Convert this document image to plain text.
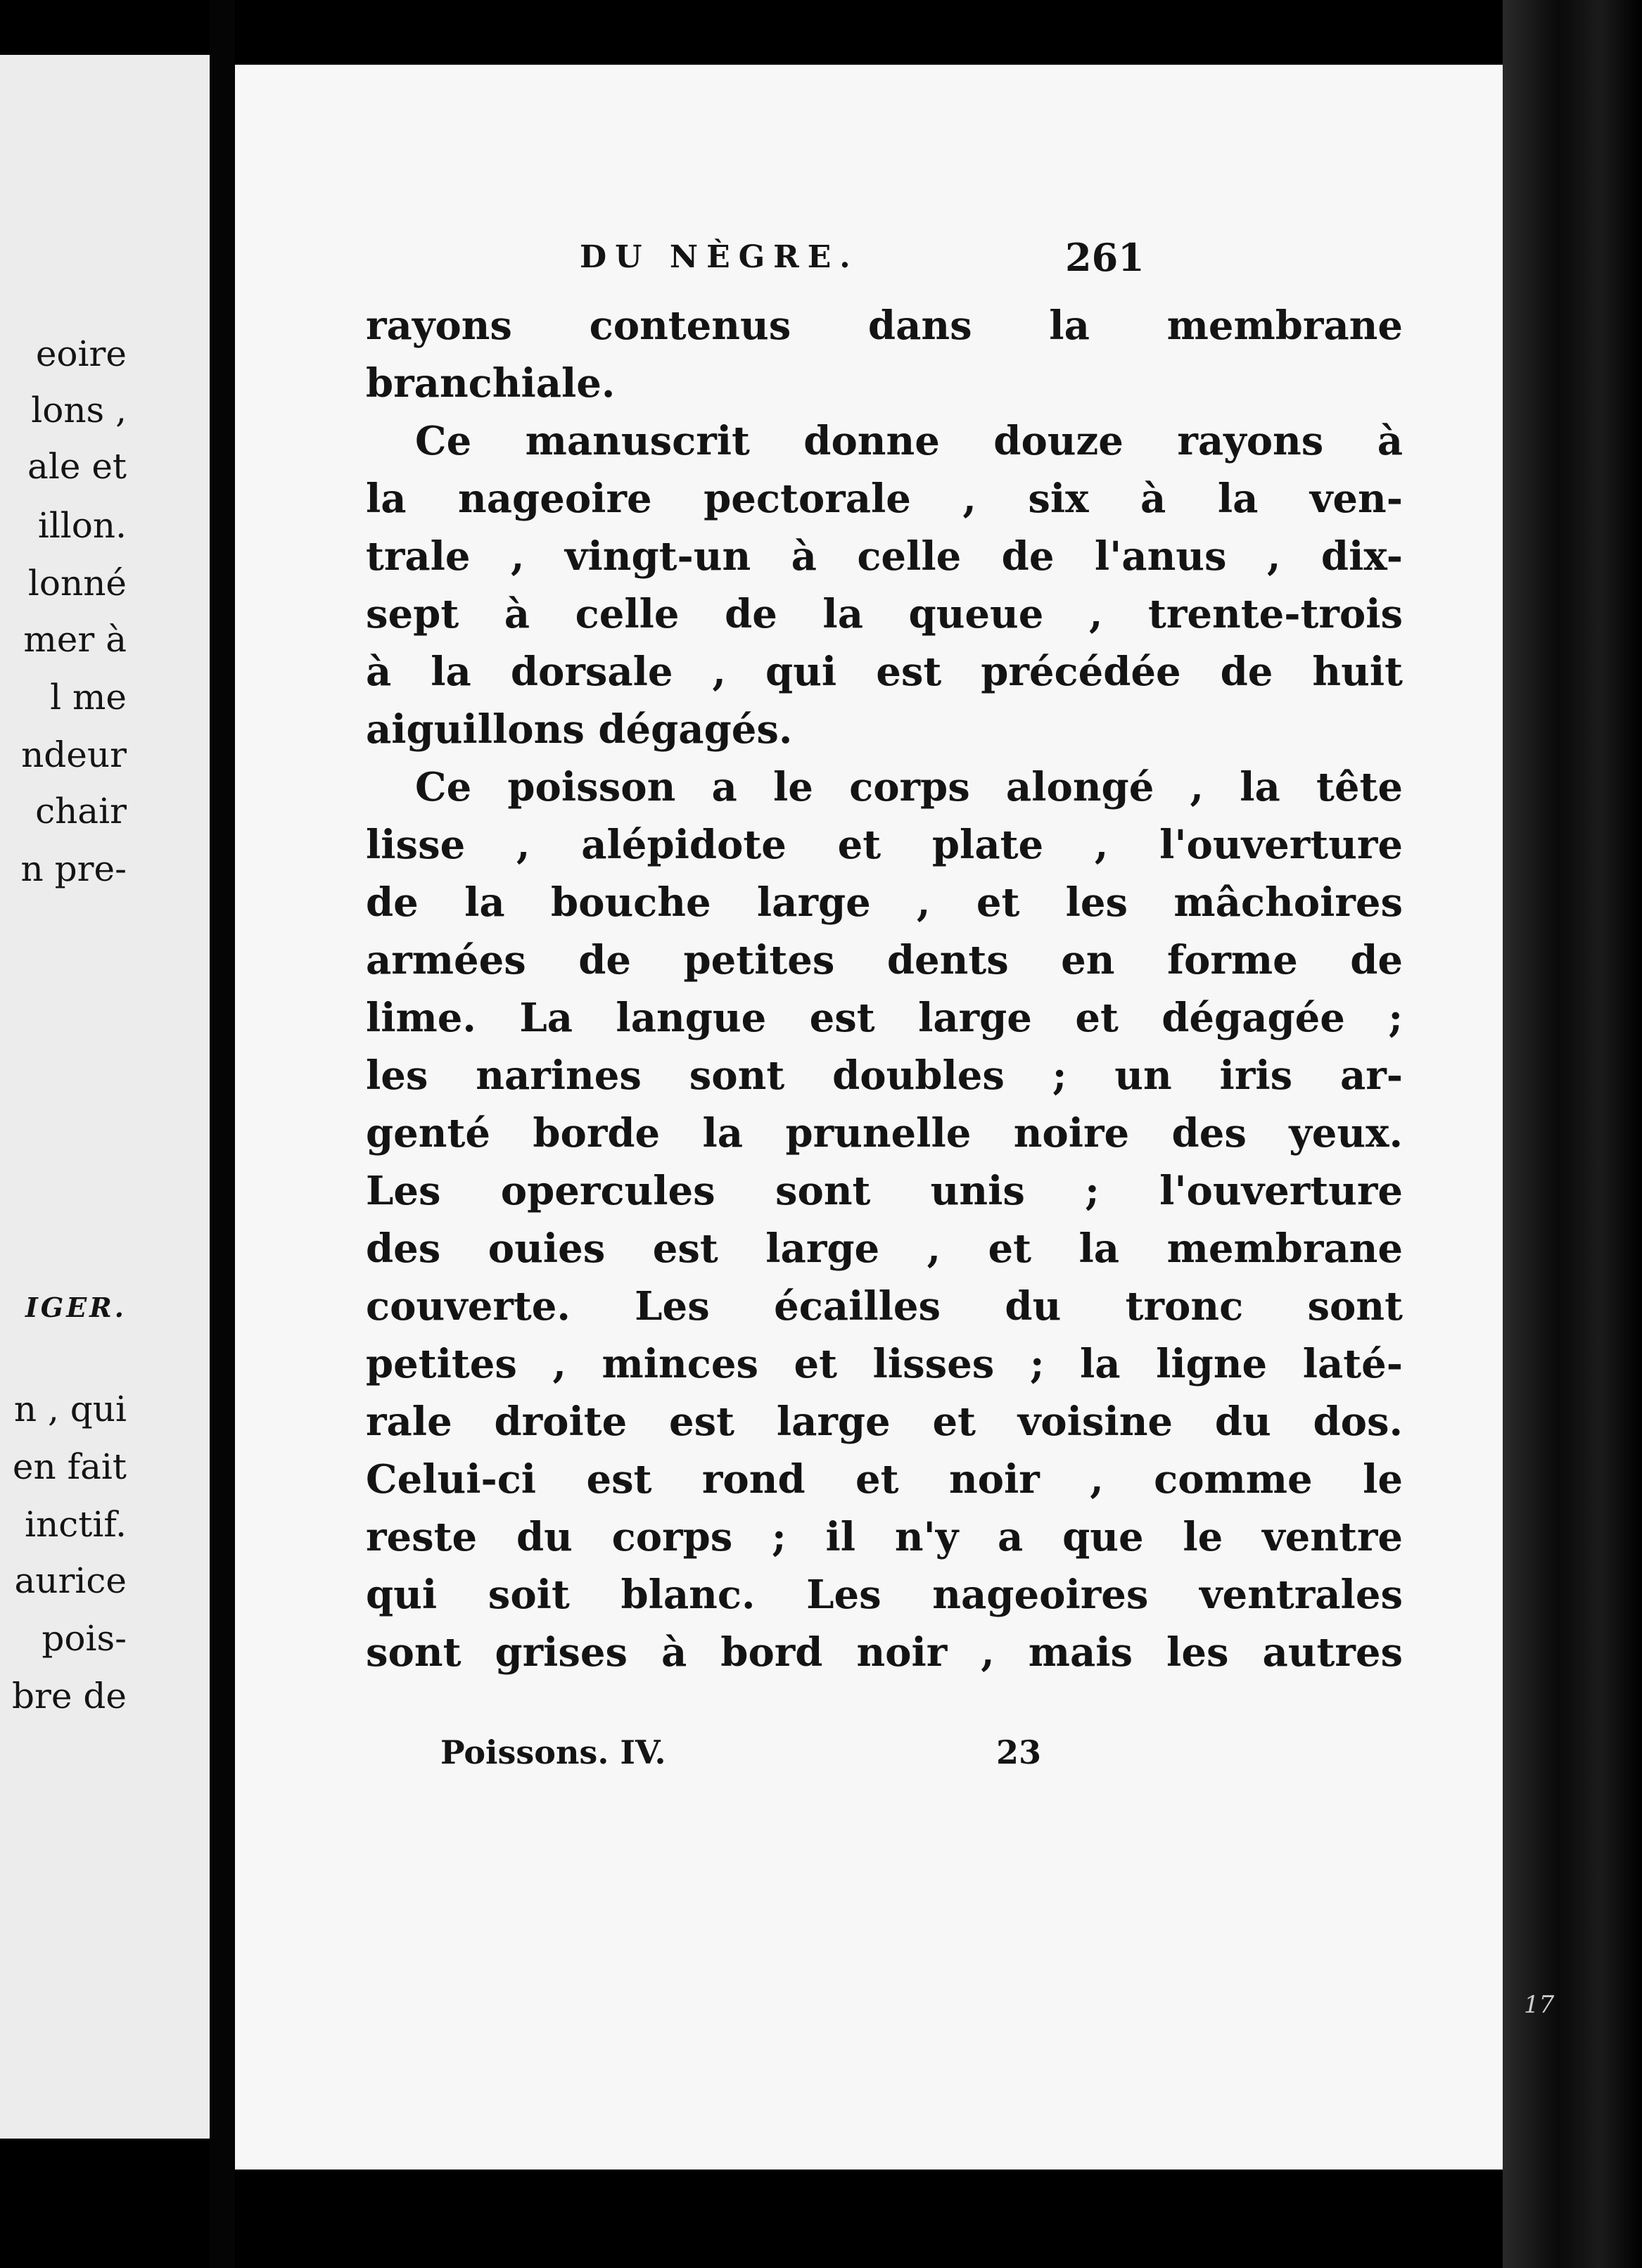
eoire
lons ,
ale et
illon.
lonné
mer à
l me
ndeur
chair
n pre-
IGER.
n , qui
en fait
inctif.
aurice
pois-
bre de
DU NÈGRE.	261
rayons contenus dans la membrane
branchiale.
Ce manuscrit donne douze rayons à
la nageoire pectorale , six à la ven-
trale , vingt-un à celle de l'anus , dix-
sept à celle de la queue , trente-trois
à la dorsale , qui est précédée de huit
aiguillons dégagés.
Ce poisson a le corps alongé , la tête
lisse , alépidote et plate , l'ouverture
de la bouche large , et les mâchoires
armées de petites dents en forme de
lime. La langue est large et dégagée ;
les narines sont doubles ; un iris ar-
genté borde la prunelle noire des yeux.
Les opercules sont unis ; l'ouverture
des ouies est large , et la membrane
couverte. Les écailles du tronc sont
petites , minces et lisses ; la ligne laté-
rale droite est large et voisine du dos.
Celui-ci est rond et noir , comme le
reste du corps ; il n'y a que le ventre
qui soit blanc. Les nageoires ventrales
sont grises à bord noir , mais les autres
Poissons. IV.	23
17
